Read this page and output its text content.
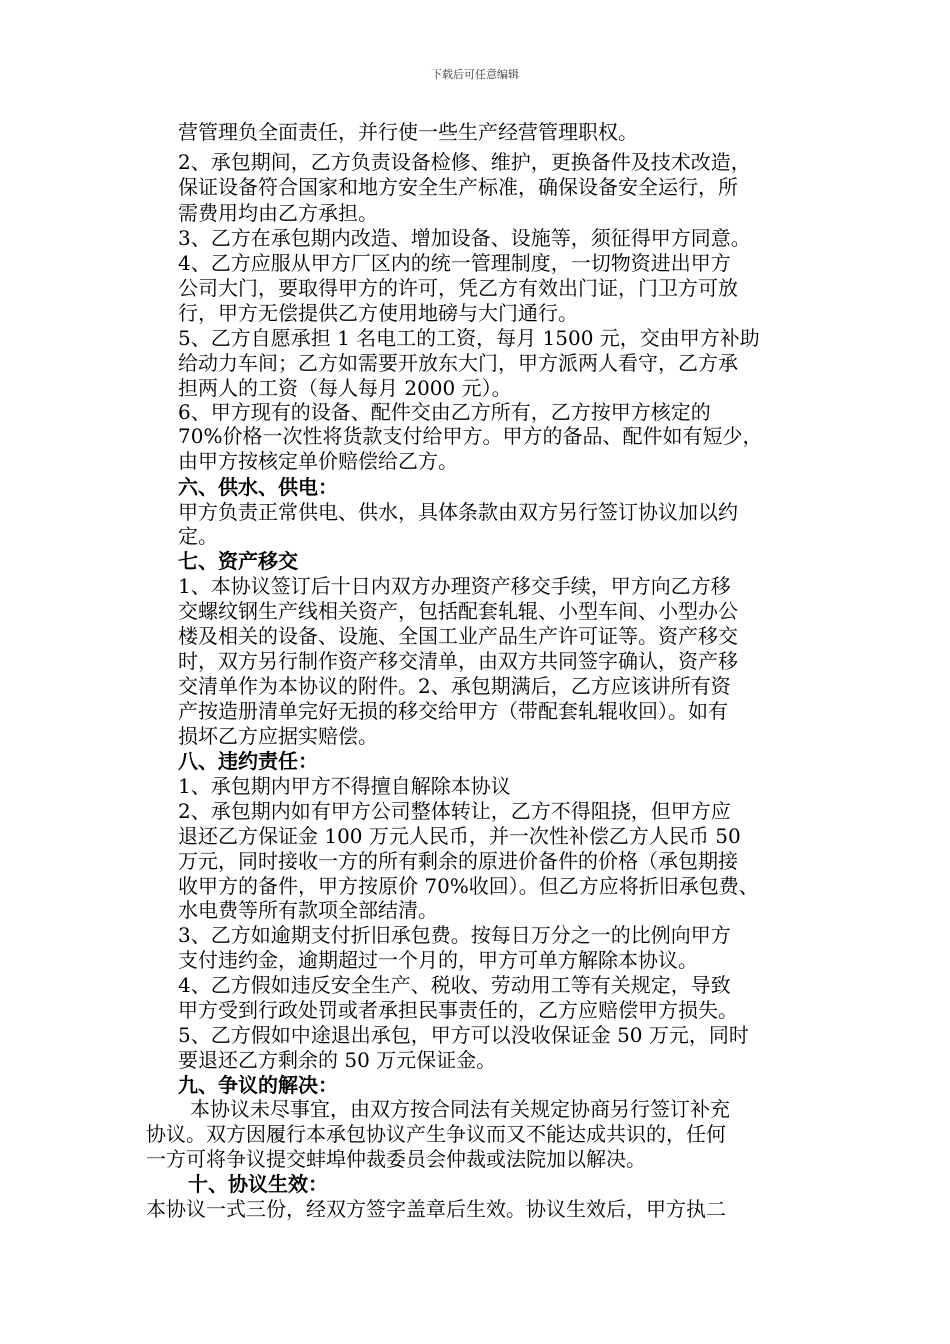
下载后可任意编辑
营管理负全面责任，并行使一些生产经营管理职权。
2、承包期间，乙方负责设备检修、维护，更换备件及技术改造，
保证设备符合国家和地方安全生产标准，确保设备安全运行，所
需费用均由乙方承担。
3、乙方在承包期内改造、增加设备、设施等，须征得甲方同意。
4、乙方应服从甲方厂区内的统一管理制度，一切物资进出甲方
公司大门，要取得甲方的许可，凭乙方有效出门证，门卫方可放
行，甲方无偿提供乙方使用地磅与大门通行。
5、乙方自愿承担 1 名电工的工资，每月 1500 元，交由甲方补助
给动力车间；乙方如需要开放东大门，甲方派两人看守，乙方承
担两人的工资（每人每月 2000 元）。
6、甲方现有的设备、配件交由乙方所有，乙方按甲方核定的
70%价格一次性将货款支付给甲方。甲方的备品、配件如有短少，
由甲方按核定单价赔偿给乙方。
六、供水、供电：
甲方负责正常供电、供水，具体条款由双方另行签订协议加以约
定。
七、资产移交
1、本协议签订后十日内双方办理资产移交手续，甲方向乙方移
交螺纹钢生产线相关资产，包括配套轧辊、小型车间、小型办公
楼及相关的设备、设施、全国工业产品生产许可证等。资产移交
时，双方另行制作资产移交清单，由双方共同签字确认，资产移
交清单作为本协议的附件。2、承包期满后，乙方应该讲所有资
产按造册清单完好无损的移交给甲方（带配套轧辊收回）。如有
损坏乙方应据实赔偿。
八、违约责任：
1、承包期内甲方不得擅自解除本协议
2、承包期内如有甲方公司整体转让，乙方不得阻挠，但甲方应
退还乙方保证金 100 万元人民币，并一次性补偿乙方人民币 50
万元，同时接收一方的所有剩余的原进价备件的价格（承包期接
收甲方的备件，甲方按原价 70%收回）。但乙方应将折旧承包费、
水电费等所有款项全部结清。
3、乙方如逾期支付折旧承包费。按每日万分之一的比例向甲方
支付违约金，逾期超过一个月的，甲方可单方解除本协议。
4、乙方假如违反安全生产、税收、劳动用工等有关规定，导致
甲方受到行政处罚或者承担民事责任的，乙方应赔偿甲方损失。
5、乙方假如中途退出承包，甲方可以没收保证金 50 万元，同时
要退还乙方剩余的 50 万元保证金。
九、争议的解决：
本协议未尽事宜，由双方按合同法有关规定协商另行签订补充
协议。双方因履行本承包协议产生争议而又不能达成共识的，任何
一方可将争议提交蚌埠仲裁委员会仲裁或法院加以解决。
十、协议生效：
本协议一式三份，经双方签字盖章后生效。协议生效后，甲方执二
